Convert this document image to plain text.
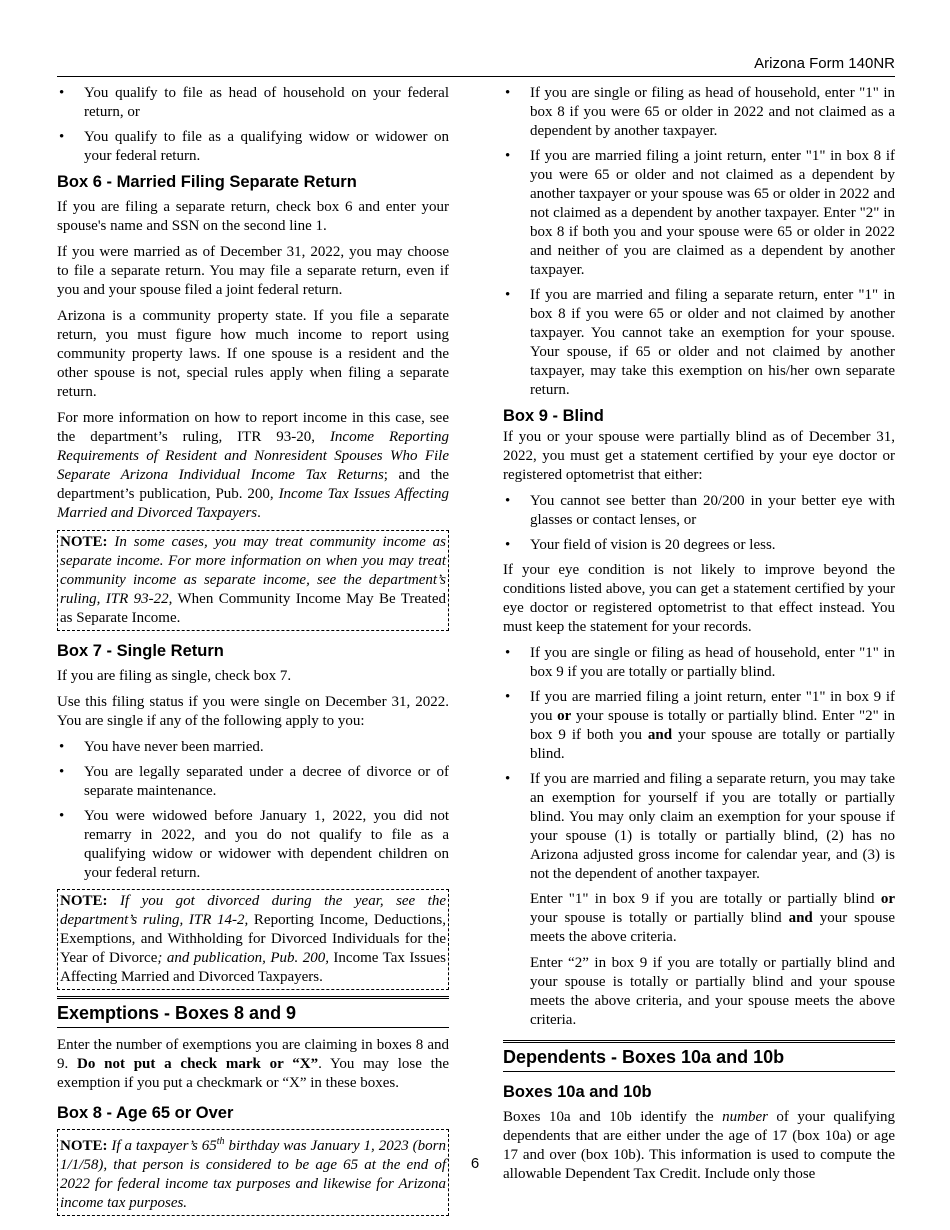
Arizona Form 140NR
• You qualify to file as head of household on your federal return, or
• You qualify to file as a qualifying widow or widower on your federal return.
Box 6 - Married Filing Separate Return

If you are filing a separate return, check box 6 and enter your spouse's name and SSN on the second line 1.

If you were married as of December 31, 2022, you may choose to file a separate return. You may file a separate return, even if you and your spouse filed a joint federal return.

Arizona is a community property state. If you file a separate return, you must figure how much income to report using community property laws. If one spouse is a resident and the other spouse is not, special rules apply when filing a separate return.

For more information on how to report income in this case, see the department’s ruling, ITR 93-20, Income Reporting Requirements of Resident and Nonresident Spouses Who File Separate Arizona Individual Income Tax Returns; and the department’s publication, Pub. 200, Income Tax Issues Affecting Married and Divorced Taxpayers.

NOTE: In some cases, you may treat community income as separate income. For more information on when you may treat community income as separate income, see the department’s ruling, ITR 93-22, When Community Income May Be Treated as Separate Income.
Box 7 - Single Return

If you are filing as single, check box 7.

Use this filing status if you were single on December 31, 2022. You are single if any of the following apply to you:

• You have never been married.
• You are legally separated under a decree of divorce or of separate maintenance.
• You were widowed before January 1, 2022, you did not remarry in 2022, and you do not qualify to file as a qualifying widow or widower with dependent children on your federal return.
NOTE: If you got divorced during the year, see the department’s ruling, ITR 14-2, Reporting Income, Deductions, Exemptions, and Withholding for Divorced Individuals for the Year of Divorce; and publication, Pub. 200, Income Tax Issues Affecting Married and Divorced Taxpayers.
Exemptions - Boxes 8 and 9

Enter the number of exemptions you are claiming in boxes 8 and 9. Do not put a check mark or “X”. You may lose the exemption if you put a checkmark or “X” in these boxes.

Box 8 - Age 65 or Over
NOTE: If a taxpayer’s 65th birthday was January 1, 2023 (born 1/1/58), that person is considered to be age 65 at the end of 2022 for federal income tax purposes and likewise for Arizona income tax purposes.
• If you are single or filing as head of household, enter "1" in box 8 if you were 65 or older in 2022 and not claimed as a dependent by another taxpayer.
• If you are married filing a joint return, enter "1" in box 8 if you were 65 or older and not claimed as a dependent by another taxpayer or your spouse was 65 or older in 2022 and not claimed as a dependent by another taxpayer. Enter "2" in box 8 if both you and your spouse were 65 or older in 2022 and neither of you are claimed as a dependent by another taxpayer.
• If you are married and filing a separate return, enter "1" in box 8 if you were 65 or older and not claimed by another taxpayer. You cannot take an exemption for your spouse. Your spouse, if 65 or older and not claimed by another taxpayer, may take this exemption on his/her own separate return.
Box 9 - Blind

If you or your spouse were partially blind as of December 31, 2022, you must get a statement certified by your eye doctor or registered optometrist that either:

• You cannot see better than 20/200 in your better eye with glasses or contact lenses, or
• Your field of vision is 20 degrees or less.

If your eye condition is not likely to improve beyond the conditions listed above, you can get a statement certified by your eye doctor or registered optometrist to that effect instead. You must keep the statement for your records.

• If you are single or filing as head of household, enter "1" in box 9 if you are totally or partially blind.
• If you are married filing a joint return, enter "1" in box 9 if you or your spouse is totally or partially blind. Enter "2" in box 9 if both you and your spouse are totally or partially blind.
• If you are married and filing a separate return, you may take an exemption for yourself if you are totally or partially blind. You may only claim an exemption for your spouse if your spouse (1) is totally or partially blind, (2) has no Arizona adjusted gross income for calendar year, and (3) is not the dependent of another taxpayer.

Enter "1" in box 9 if you are totally or partially blind or your spouse is totally or partially blind and your spouse meets the above criteria.

Enter “2” in box 9 if you are totally or partially blind and your spouse is totally or partially blind and your spouse meets the above criteria, and your spouse meets the above criteria.

Dependents - Boxes 10a and 10b
Boxes 10a and 10b

Boxes 10a and 10b identify the number of your qualifying dependents that are either under the age of 17 (box 10a) or age 17 and over (box 10b). This information is used to compute the allowable Dependent Tax Credit. Include only those

6
